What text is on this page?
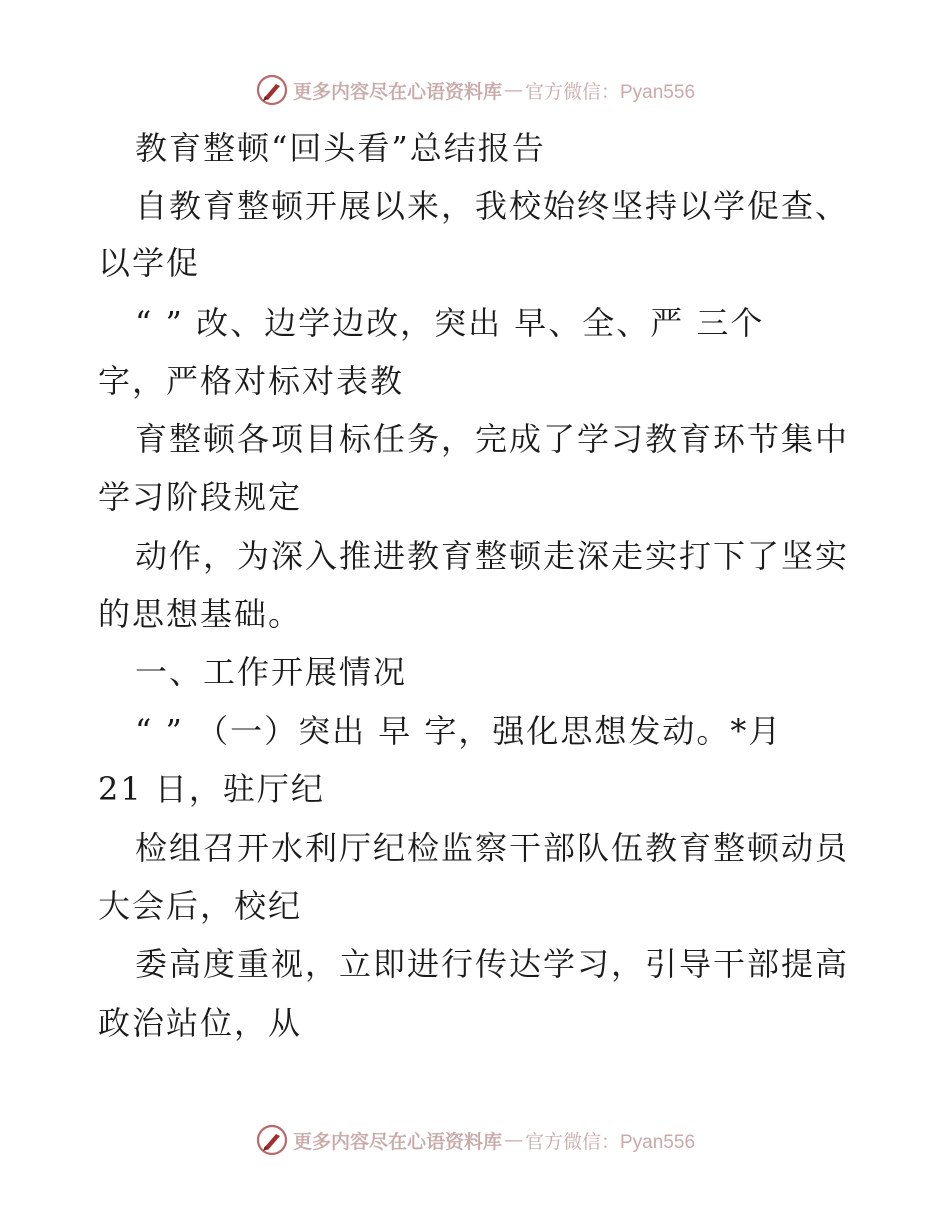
更多内容尽在心语资料库 — 官方微信：Pyan556
教育整顿“回头看”总结报告
自教育整顿开展以来，我校始终坚持以学促查、
以学促
“ ” 改、边学边改，突出 早、全、严 三个
字，严格对标对表教
育整顿各项目标任务，完成了学习教育环节集中
学习阶段规定
动作，为深入推进教育整顿走深走实打下了坚实
的思想基础。
一、工作开展情况
“ ” （一）突出 早 字，强化思想发动。*月
21 日，驻厅纪
检组召开水利厅纪检监察干部队伍教育整顿动员
大会后，校纪
委高度重视，立即进行传达学习，引导干部提高
政治站位，从
更多内容尽在心语资料库 — 官方微信：Pyan556
